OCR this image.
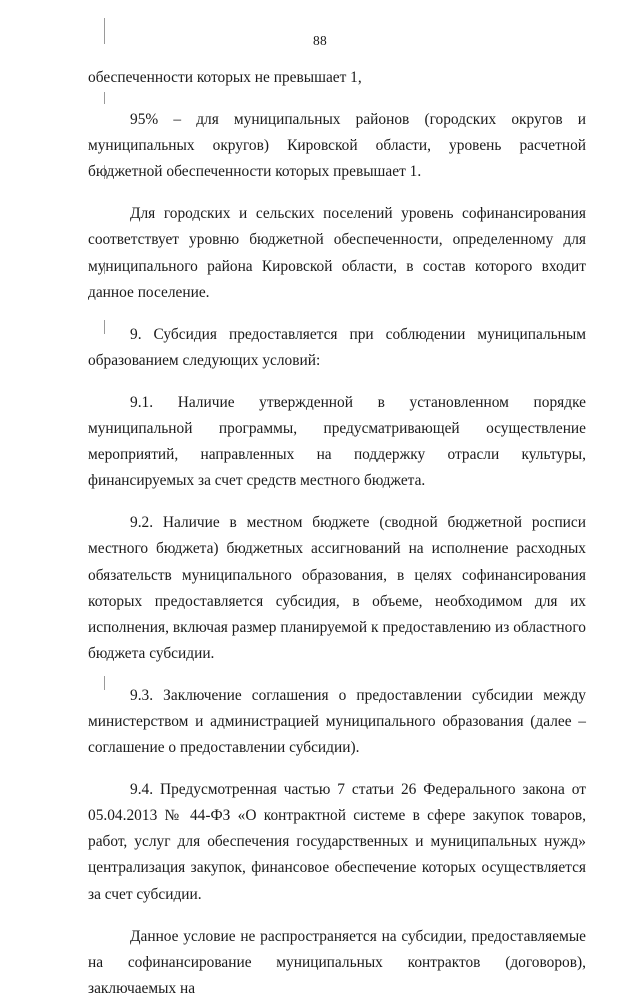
88

обеспеченности которых не превышает 1,

95% – для муниципальных районов (городских округов и муниципальных округов) Кировской области, уровень расчетной бюджетной обеспеченности которых превышает 1.

Для городских и сельских поселений уровень софинансирования соответствует уровню бюджетной обеспеченности, определенному для муниципального района Кировской области, в состав которого входит данное поселение.

9. Субсидия предоставляется при соблюдении муниципальным образованием следующих условий:

9.1. Наличие утвержденной в установленном порядке муниципальной программы, предусматривающей осуществление мероприятий, направленных на поддержку отрасли культуры, финансируемых за счет средств местного бюджета.

9.2. Наличие в местном бюджете (сводной бюджетной росписи местного бюджета) бюджетных ассигнований на исполнение расходных обязательств муниципального образования, в целях софинансирования которых предоставляется субсидия, в объеме, необходимом для их исполнения, включая размер планируемой к предоставлению из областного бюджета субсидии.

9.3. Заключение соглашения о предоставлении субсидии между министерством и администрацией муниципального образования (далее – соглашение о предоставлении субсидии).

9.4. Предусмотренная частью 7 статьи 26 Федерального закона от 05.04.2013 № 44-ФЗ «О контрактной системе в сфере закупок товаров, работ, услуг для обеспечения государственных и муниципальных нужд» централизация закупок, финансовое обеспечение которых осуществляется за счет субсидии.

Данное условие не распространяется на субсидии, предоставляемые на софинансирование муниципальных контрактов (договоров), заключаемых на
